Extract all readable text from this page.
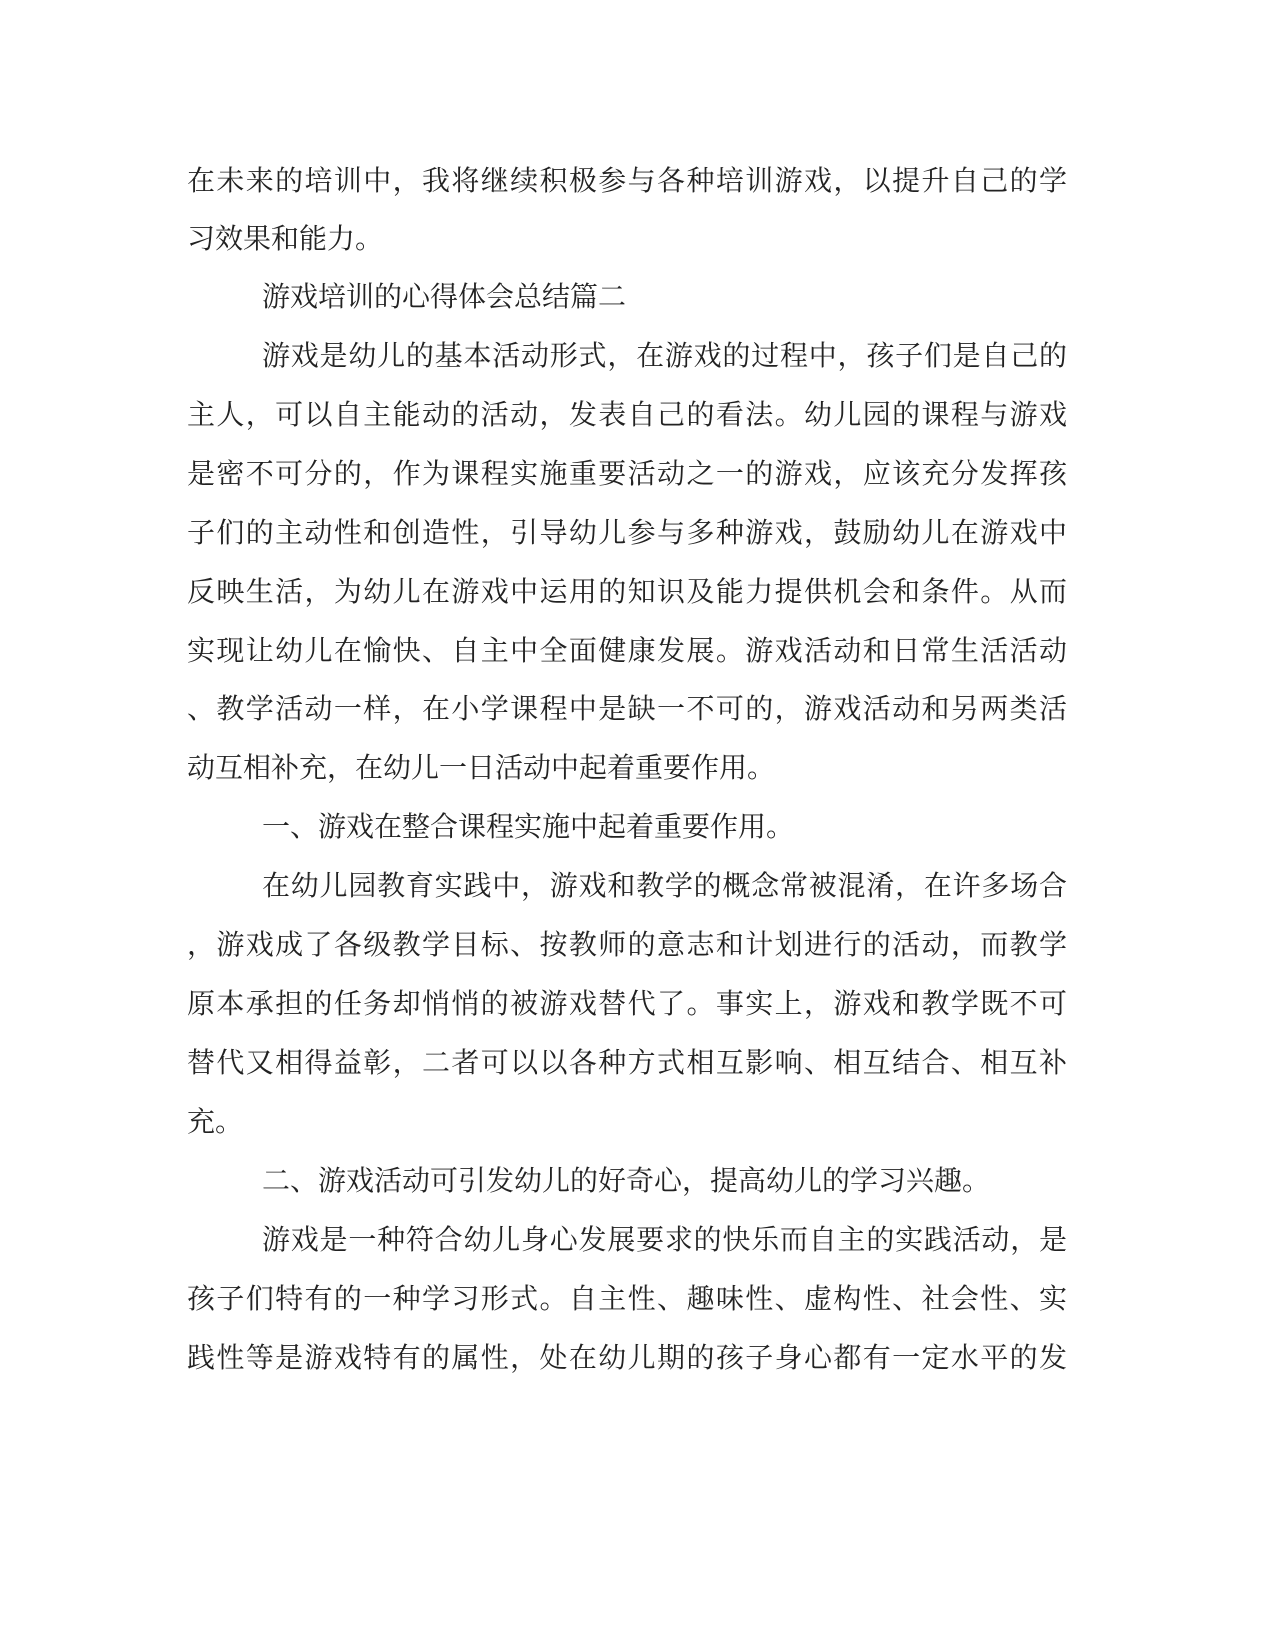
在未来的培训中，我将继续积极参与各种培训游戏，以提升自己的学
习效果和能力。
游戏培训的心得体会总结篇二
游戏是幼儿的基本活动形式，在游戏的过程中，孩子们是自己的
主人，可以自主能动的活动，发表自己的看法。幼儿园的课程与游戏
是密不可分的，作为课程实施重要活动之一的游戏，应该充分发挥孩
子们的主动性和创造性，引导幼儿参与多种游戏，鼓励幼儿在游戏中
反映生活，为幼儿在游戏中运用的知识及能力提供机会和条件。从而
实现让幼儿在愉快、自主中全面健康发展。游戏活动和日常生活活动
、教学活动一样，在小学课程中是缺一不可的，游戏活动和另两类活
动互相补充，在幼儿一日活动中起着重要作用。
一、游戏在整合课程实施中起着重要作用。
在幼儿园教育实践中，游戏和教学的概念常被混淆，在许多场合
，游戏成了各级教学目标、按教师的意志和计划进行的活动，而教学
原本承担的任务却悄悄的被游戏替代了。事实上，游戏和教学既不可
替代又相得益彰，二者可以以各种方式相互影响、相互结合、相互补
充。
二、游戏活动可引发幼儿的好奇心，提高幼儿的学习兴趣。
游戏是一种符合幼儿身心发展要求的快乐而自主的实践活动，是
孩子们特有的一种学习形式。自主性、趣味性、虚构性、社会性、实
践性等是游戏特有的属性，处在幼儿期的孩子身心都有一定水平的发
